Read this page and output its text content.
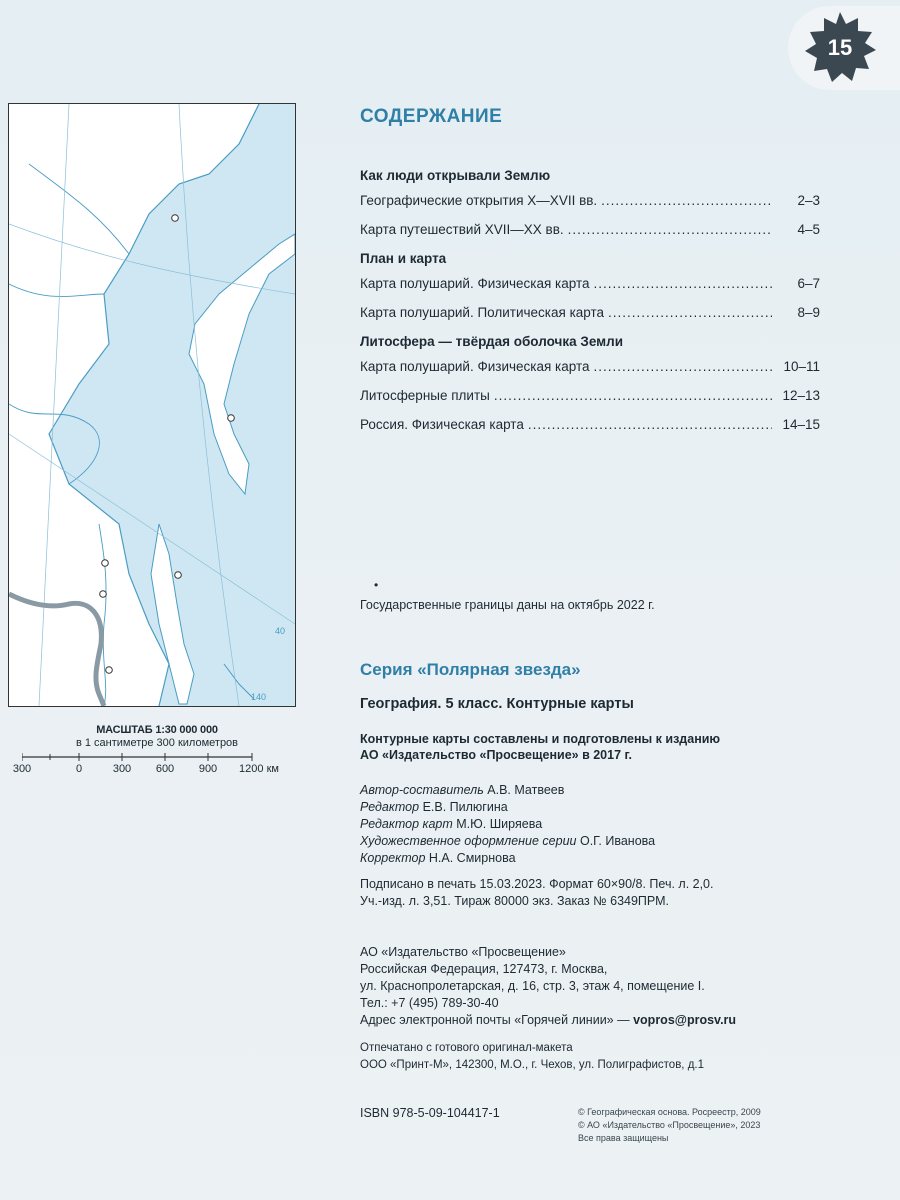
15
40
140
МАСШТАБ 1:30 000 000
в 1 сантиметре 300 километров
300	0	300 600 900 1200 км
СОДЕРЖАНИЕ
Как люди открывали Землю
Географические открытия X—XVII вв. .....	2–3
Карта путешествий XVII—XX вв. .....	4–5
План и карта
Карта полушарий. Физическая карта .....	6–7
Карта полушарий. Политическая карта .....	8–9
Литосфера — твёрдая оболочка Земли
Карта полушарий. Физическая карта .....	10–11
Литосферные плиты .....	12–13
Россия. Физическая карта .....	14–15
•
Государственные границы даны на октябрь 2022 г.
Серия «Полярная звезда»
География. 5 класс. Контурные карты
Контурные карты составлены и подготовлены к изданию
АО «Издательство «Просвещение» в 2017 г.
Автор-составитель А.В. Матвеев
Редактор Е.В. Пилюгина
Редактор карт М.Ю. Ширяева
Художественное оформление серии О.Г. Иванова
Корректор Н.А. Смирнова
Подписано в печать 15.03.2023. Формат 60×90/8. Печ. л. 2,0.
Уч.-изд. л. 3,51. Тираж 80000 экз. Заказ № 6349ПРМ.
АО «Издательство «Просвещение»
Российская Федерация, 127473, г. Москва,
ул. Краснопролетарская, д. 16, стр. 3, этаж 4, помещение I.
Тел.: +7 (495) 789-30-40
Адрес электронной почты «Горячей линии» — vopros@prosv.ru
Отпечатано с готового оригинал-макета
ООО «Принт-М», 142300, М.О., г. Чехов, ул. Полиграфистов, д.1
ISBN 978-5-09-104417-1	© Географическая основа. Росреестр, 2009
© АО «Издательство «Просвещение», 2023
Все права защищены
